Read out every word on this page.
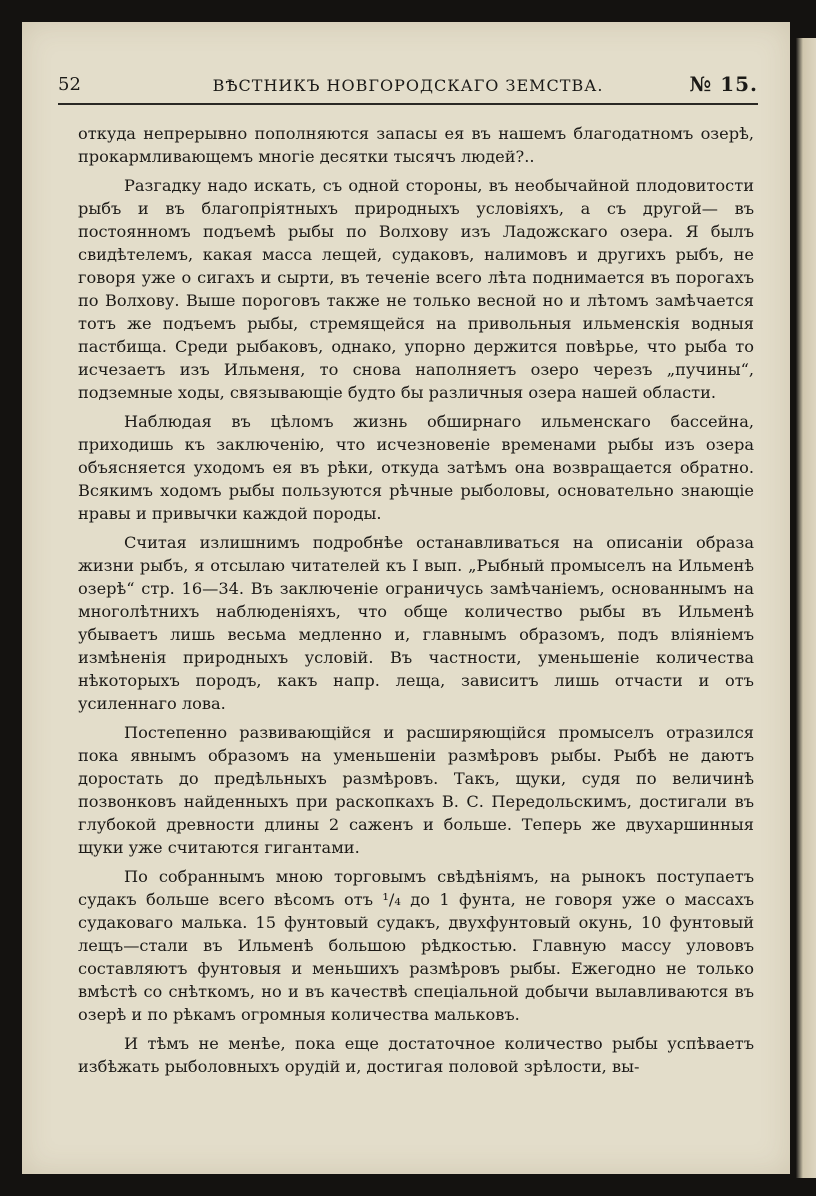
52	ВѢСТНИКЪ НОВГОРОДСКАГО ЗЕМСТВА.	№ 15.

откуда непрерывно пополняются запасы ея въ нашемъ благодатномъ озерѣ, прокармливающемъ многіе десятки тысячъ людей?..

Разгадку надо искать, съ одной стороны, въ необычайной плодовитости рыбъ и въ благопріятныхъ природныхъ условіяхъ, а съ другой— въ постоянномъ подъемѣ рыбы по Волхову изъ Ладожскаго озера. Я былъ свидѣтелемъ, какая масса лещей, судаковъ, налимовъ и другихъ рыбъ, не говоря уже о сигахъ и сырти, въ теченіе всего лѣта поднимается въ порогахъ по Волхову. Выше пороговъ также не только весной но и лѣтомъ замѣчается тотъ же подъемъ рыбы, стремящейся на привольныя ильменскія водныя пастбища. Среди рыбаковъ, однако, упорно держится повѣрье, что рыба то исчезаетъ изъ Ильменя, то снова наполняетъ озеро черезъ „пучины“, подземные ходы, связывающіе будто бы различныя озера нашей области.

Наблюдая въ цѣломъ жизнь обширнаго ильменскаго бассейна, приходишь къ заключенію, что исчезновеніе временами рыбы изъ озера объясняется уходомъ ея въ рѣки, откуда затѣмъ она возвращается обратно. Всякимъ ходомъ рыбы пользуются рѣчные рыболовы, основательно знающіе нравы и привычки каждой породы.

Считая излишнимъ подробнѣе останавливаться на описаніи образа жизни рыбъ, я отсылаю читателей къ I вып. „Рыбный промыселъ на Ильменѣ озерѣ“ стр. 16—34. Въ заключеніе ограничусь замѣчаніемъ, основаннымъ на многолѣтнихъ наблюденіяхъ, что обще количество рыбы въ Ильменѣ убываетъ лишь весьма медленно и, главнымъ образомъ, подъ вліяніемъ измѣненія природныхъ условій. Въ частности, уменьшеніе количества нѣкоторыхъ породъ, какъ напр. леща, зависитъ лишь отчасти и отъ усиленнаго лова.

Постепенно развивающійся и расширяющійся промыселъ отразился пока явнымъ образомъ на уменьшеніи размѣровъ рыбы. Рыбѣ не даютъ доростать до предѣльныхъ размѣровъ. Такъ, щуки, судя по величинѣ позвонковъ найденныхъ при раскопкахъ В. С. Передольскимъ, достигали въ глубокой древности длины 2 саженъ и больше. Теперь же двухаршинныя щуки уже считаются гигантами.

По собраннымъ мною торговымъ свѣдѣніямъ, на рынокъ поступаетъ судакъ больше всего вѣсомъ отъ ¹/₄ до 1 фунта, не говоря уже о массахъ судаковаго малька. 15 фунтовый судакъ, двухфунтовый окунь, 10 фунтовый лещъ—стали въ Ильменѣ большою рѣдкостью. Главную массу улововъ составляютъ фунтовыя и меньшихъ размѣровъ рыбы. Ежегодно не только вмѣстѣ со снѣткомъ, но и въ качествѣ спеціальной добычи вылавливаются въ озерѣ и по рѣкамъ огромныя количества мальковъ.

И тѣмъ не менѣе, пока еще достаточное количество рыбы успѣваетъ избѣжать рыболовныхъ орудій и, достигая половой зрѣлости, вы-
